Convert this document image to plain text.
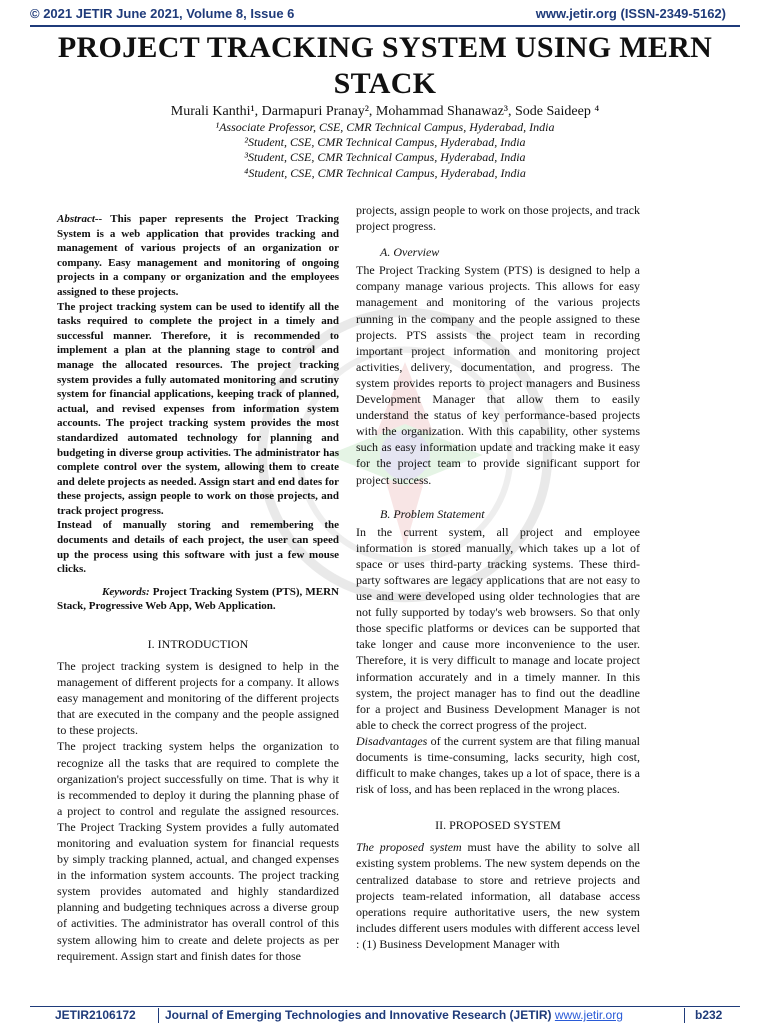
© 2021 JETIR June 2021, Volume 8, Issue 6	www.jetir.org (ISSN-2349-5162)
PROJECT TRACKING SYSTEM USING MERN
STACK
Murali Kanthi¹, Darmapuri Pranay², Mohammad Shanawaz³, Sode Saideep ⁴
¹Associate Professor, CSE, CMR Technical Campus, Hyderabad, India
²Student, CSE, CMR Technical Campus, Hyderabad, India
³Student, CSE, CMR Technical Campus, Hyderabad, India
⁴Student, CSE, CMR Technical Campus, Hyderabad, India

Abstract-- This paper represents the Project Tracking System is a web application that provides tracking and management of various projects of an organization or company. Easy management and monitoring of ongoing projects in a company or organization and the employees assigned to these projects.

The project tracking system can be used to identify all the tasks required to complete the project in a timely and successful manner. Therefore, it is recommended to implement a plan at the planning stage to control and manage the allocated resources. The project tracking system provides a fully automated monitoring and scrutiny system for financial applications, keeping track of planned, actual, and revised expenses from information system accounts. The project tracking system provides the most standardized automated technology for planning and budgeting in diverse group activities. The administrator has complete control over the system, allowing them to create and delete projects as needed. Assign start and end dates for these projects, assign people to work on those projects, and track project progress.

Instead of manually storing and remembering the documents and details of each project, the user can speed up the process using this software with just a few mouse clicks.

Keywords: Project Tracking System (PTS), MERN Stack, Progressive Web App, Web Application.

I. INTRODUCTION

The project tracking system is designed to help in the management of different projects for a company. It allows easy management and monitoring of the different projects that are executed in the company and the people assigned to these projects.

The project tracking system helps the organization to recognize all the tasks that are required to complete the organization's project successfully on time. That is why it is recommended to deploy it during the planning phase of a project to control and regulate the assigned resources. The Project Tracking System provides a fully automated monitoring and evaluation system for financial requests by simply tracking planned, actual, and changed expenses in the information system accounts. The project tracking system provides automated and highly standardized planning and budgeting techniques across a diverse group of activities. The administrator has overall control of this system allowing him to create and delete projects as per requirement. Assign start and finish dates for those

projects, assign people to work on those projects, and track project progress.

A. Overview

The Project Tracking System (PTS) is designed to help a company manage various projects. This allows for easy management and monitoring of the various projects running in the company and the people assigned to these projects. PTS assists the project team in recording important project information and monitoring project activities, delivery, documentation, and progress. The system provides reports to project managers and Business Development Manager that allow them to easily understand the status of key performance-based projects with the organization. With this capability, other systems such as easy information update and tracking make it easy for the project team to provide significant support for project success.

B. Problem Statement

In the current system, all project and employee information is stored manually, which takes up a lot of space or uses third-party tracking systems. These third-party softwares are legacy applications that are not easy to use and were developed using older technologies that are not fully supported by today's web browsers. So that only those specific platforms or devices can be supported that take longer and cause more inconvenience to the user. Therefore, it is very difficult to manage and locate project information accurately and in a timely manner. In this system, the project manager has to find out the deadline for a project and Business Development Manager is not able to check the correct progress of the project.

Disadvantages of the current system are that filing manual documents is time-consuming, lacks security, high cost, difficult to make changes, takes up a lot of space, there is a risk of loss, and has been replaced in the wrong places.

II. PROPOSED SYSTEM

The proposed system must have the ability to solve all existing system problems. The new system depends on the centralized database to store and retrieve projects and projects team-related information, all database access operations require authoritative users, the new system includes different users modules with different access level : (1) Business Development Manager with

JETIR2106172 Journal of Emerging Technologies and Innovative Research (JETIR) www.jetir.org	b232
